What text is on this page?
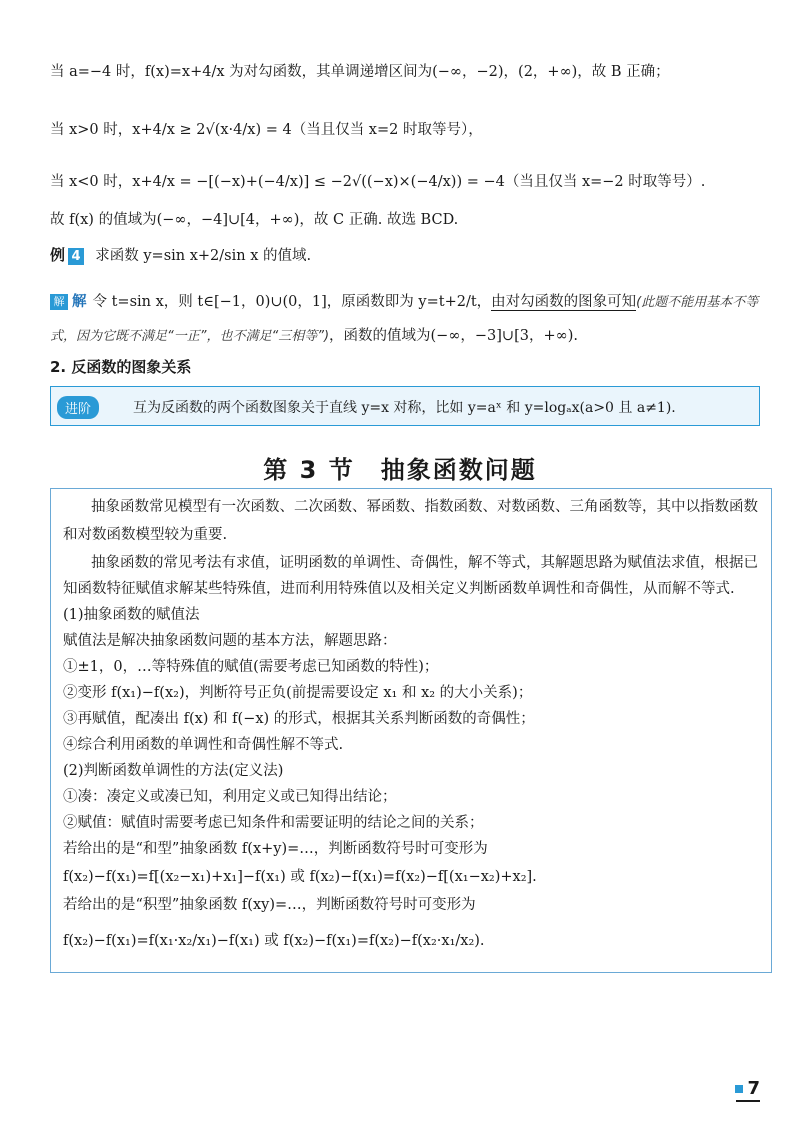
当 a=−4 时，f(x)=x+4/x 为对勾函数，其单调递增区间为(−∞，−2)，(2，+∞)，故 B 正确；
当 x>0 时，x+4/x ≥ 2√(x·4/x) = 4（当且仅当 x=2 时取等号），
当 x<0 时，x+4/x = −[(−x)+(−4/x)] ≤ −2√((−x)×(−4/x)) = −4（当且仅当 x=−2 时取等号）.
故 f(x) 的值域为(−∞，−4]∪[4，+∞)，故 C 正确. 故选 BCD.
例 4 求函数 y=sin x+2/sin x 的值域.
解 解 令 t=sin x，则 t∈[−1，0)∪(0，1]，原函数即为 y=t+2/t，由对勾函数的图象可知(此题不能用基本不等
式，因为它既不满足“一正”，也不满足“三相等”)，函数的值域为(−∞，−3]∪[3，+∞).
2. 反函数的图象关系
进阶	互为反函数的两个函数图象关于直线 y=x 对称，比如 y=aˣ 和 y=logₐx(a>0 且 a≠1).
第 3 节　抽象函数问题
抽象函数常见模型有一次函数、二次函数、幂函数、指数函数、对数函数、三角函数等，其中以指数函数
和对数函数模型较为重要.
抽象函数的常见考法有求值，证明函数的单调性、奇偶性，解不等式，其解题思路为赋值法求值，根据已
知函数特征赋值求解某些特殊值，进而利用特殊值以及相关定义判断函数单调性和奇偶性，从而解不等式.
(1)抽象函数的赋值法
赋值法是解决抽象函数问题的基本方法，解题思路：
①±1，0，…等特殊值的赋值(需要考虑已知函数的特性)；
②变形 f(x₁)−f(x₂)，判断符号正负(前提需要设定 x₁ 和 x₂ 的大小关系)；
③再赋值，配凑出 f(x) 和 f(−x) 的形式，根据其关系判断函数的奇偶性；
④综合利用函数的单调性和奇偶性解不等式.
(2)判断函数单调性的方法(定义法)
①凑：凑定义或凑已知，利用定义或已知得出结论；
②赋值：赋值时需要考虑已知条件和需要证明的结论之间的关系；
若给出的是“和型”抽象函数 f(x+y)=…，判断函数符号时可变形为
f(x₂)−f(x₁)=f[(x₂−x₁)+x₁]−f(x₁) 或 f(x₂)−f(x₁)=f(x₂)−f[(x₁−x₂)+x₂].
若给出的是“积型”抽象函数 f(xy)=…，判断函数符号时可变形为
f(x₂)−f(x₁)=f(x₁·x₂/x₁)−f(x₁) 或 f(x₂)−f(x₁)=f(x₂)−f(x₂·x₁/x₂).
7
